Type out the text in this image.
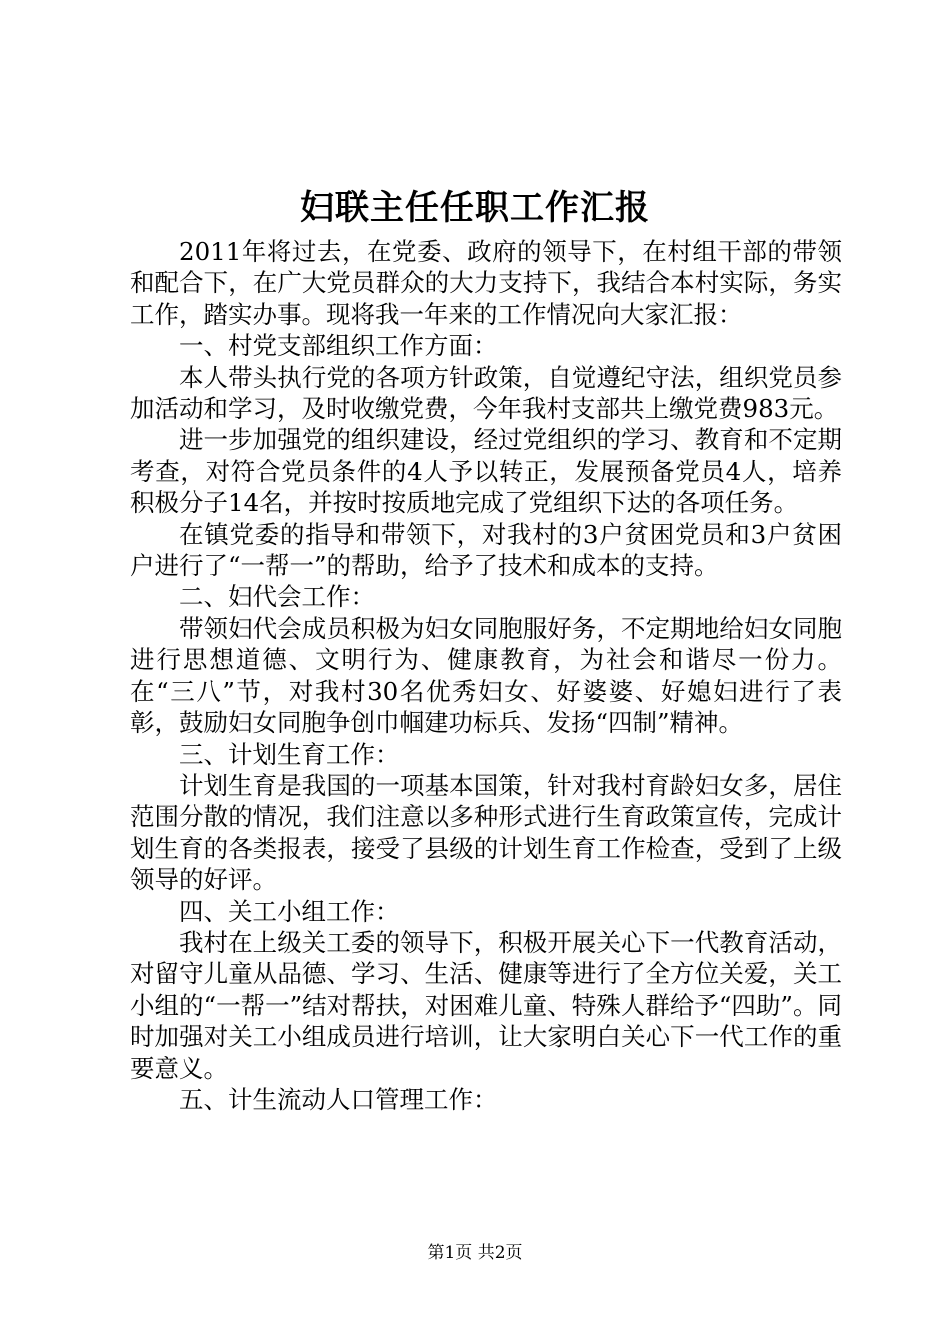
妇联主任任职工作汇报

2011年将过去，在党委、政府的领导下，在村组干部的带领和配合下，在广大党员群众的大力支持下，我结合本村实际，务实工作，踏实办事。现将我一年来的工作情况向大家汇报：

一、村党支部组织工作方面：

本人带头执行党的各项方针政策，自觉遵纪守法，组织党员参加活动和学习，及时收缴党费，今年我村支部共上缴党费983元。

进一步加强党的组织建设，经过党组织的学习、教育和不定期考查，对符合党员条件的4人予以转正，发展预备党员4人，培养积极分子14名，并按时按质地完成了党组织下达的各项任务。

在镇党委的指导和带领下，对我村的3户贫困党员和3户贫困户进行了“一帮一”的帮助，给予了技术和成本的支持。

二、妇代会工作：

带领妇代会成员积极为妇女同胞服好务，不定期地给妇女同胞进行思想道德、文明行为、健康教育，为社会和谐尽一份力。在“三八”节，对我村30名优秀妇女、好婆婆、好媳妇进行了表彰，鼓励妇女同胞争创巾帼建功标兵、发扬“四制”精神。

三、计划生育工作：

计划生育是我国的一项基本国策，针对我村育龄妇女多，居住范围分散的情况，我们注意以多种形式进行生育政策宣传，完成计划生育的各类报表，接受了县级的计划生育工作检查，受到了上级领导的好评。

四、关工小组工作：

我村在上级关工委的领导下，积极开展关心下一代教育活动，对留守儿童从品德、学习、生活、健康等进行了全方位关爱，关工小组的“一帮一”结对帮扶，对困难儿童、特殊人群给予“四助”。同时加强对关工小组成员进行培训，让大家明白关心下一代工作的重要意义。

五、计生流动人口管理工作：

第1页 共2页
